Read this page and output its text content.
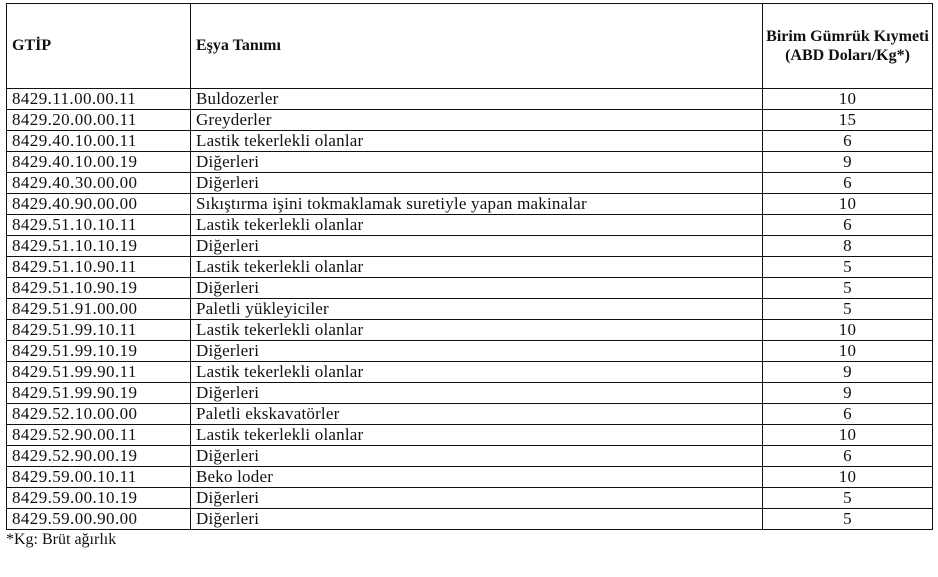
GTİP	Eşya Tanımı	Birim Gümrük Kıymeti (ABD Doları/Kg*)
8429.11.00.00.11	Buldozerler	10
8429.20.00.00.11	Greyderler	15
8429.40.10.00.11	Lastik tekerlekli olanlar	6
8429.40.10.00.19	Diğerleri	9
8429.40.30.00.00	Diğerleri	6
8429.40.90.00.00	Sıkıştırma işini tokmaklamak suretiyle yapan makinalar	10
8429.51.10.10.11	Lastik tekerlekli olanlar	6
8429.51.10.10.19	Diğerleri	8
8429.51.10.90.11	Lastik tekerlekli olanlar	5
8429.51.10.90.19	Diğerleri	5
8429.51.91.00.00	Paletli yükleyiciler	5
8429.51.99.10.11	Lastik tekerlekli olanlar	10
8429.51.99.10.19	Diğerleri	10
8429.51.99.90.11	Lastik tekerlekli olanlar	9
8429.51.99.90.19	Diğerleri	9
8429.52.10.00.00	Paletli ekskavatörler	6
8429.52.90.00.11	Lastik tekerlekli olanlar	10
8429.52.90.00.19	Diğerleri	6
8429.59.00.10.11	Beko loder	10
8429.59.00.10.19	Diğerleri	5
8429.59.00.90.00	Diğerleri	5
*Kg: Brüt ağırlık
